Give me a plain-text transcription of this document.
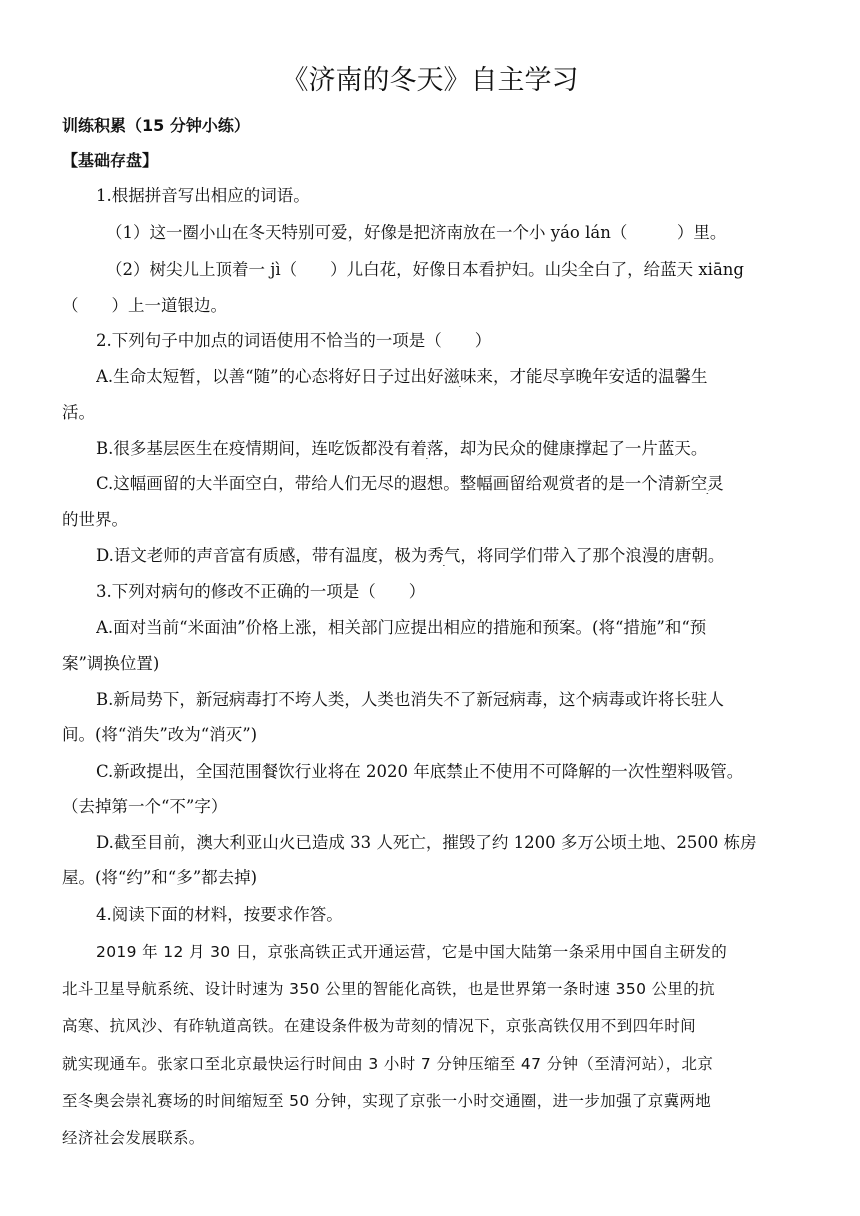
《济南的冬天》自主学习

训练积累（15 分钟小练）

【基础存盘】

1.根据拼音写出相应的词语。

（1）这一圈小山在冬天特别可爱，好像是把济南放在一个小 yáo lán（　　　）里。

（2）树尖儿上顶着一 jì（　　）儿白花，好像日本看护妇。山尖全白了，给蓝天 xiāng

（　　）上一道银边。

2.下列句子中加点的词语使用不恰当的一项是（　　）

A.生命太短暂，以善“随”的心态将好日子过出好滋味来，才能尽享晚年安适的温馨生

活。

B.很多基层医生在疫情期间，连吃饭都没有着落，却为民众的健康撑起了一片蓝天。

C.这幅画留的大半面空白，带给人们无尽的遐想。整幅画留给观赏者的是一个清新空灵

的世界。

D.语文老师的声音富有质感，带有温度，极为秀气，将同学们带入了那个浪漫的唐朝。

3.下列对病句的修改不正确的一项是（　　）

A.面对当前“米面油”价格上涨，相关部门应提出相应的措施和预案。(将“措施”和“预

案”调换位置)

B.新局势下，新冠病毒打不垮人类，人类也消失不了新冠病毒，这个病毒或许将长驻人

间。(将“消失”改为“消灭”)

C.新政提出，全国范围餐饮行业将在 2020 年底禁止不使用不可降解的一次性塑料吸管。

（去掉第一个“不”字）

D.截至目前，澳大利亚山火已造成 33 人死亡，摧毁了约 1200 多万公顷土地、2500 栋房

屋。(将“约”和“多”都去掉)

4.阅读下面的材料，按要求作答。

2019 年 12 月 30 日，京张高铁正式开通运营，它是中国大陆第一条采用中国自主研发的

北斗卫星导航系统、设计时速为 350 公里的智能化高铁，也是世界第一条时速 350 公里的抗

高寒、抗风沙、有砟轨道高铁。在建设条件极为苛刻的情况下，京张高铁仅用不到四年时间

就实现通车。张家口至北京最快运行时间由 3 小时 7 分钟压缩至 47 分钟（至清河站），北京

至冬奥会崇礼赛场的时间缩短至 50 分钟，实现了京张一小时交通圈，进一步加强了京冀两地

经济社会发展联系。
